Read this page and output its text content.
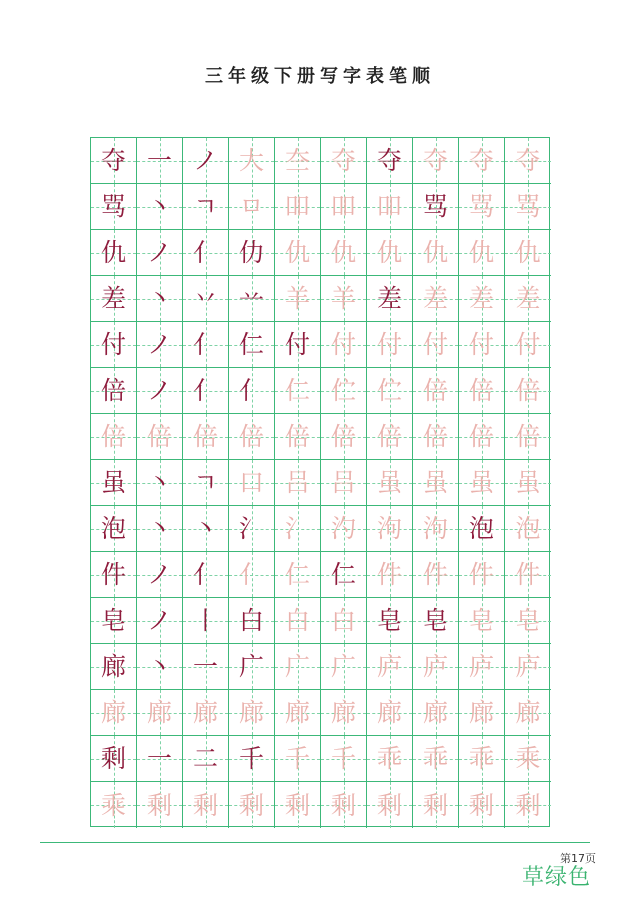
三年级下册写字表笔顺
夺 一 ノ 大 夳 夺 夺 夺 夺 夺
骂 丶 ㄱ ㅁ 吅 吅 吅 骂 骂 骂
仇 ノ 亻 仂 仇 仇 仇 仇 仇 仇
差 丶 丷 䒑 羊 羊 差 差 差 差
付 ノ 亻 仁 付 付 付 付 付 付
倍 ノ 亻 亻 仁 伫 伫 倍 倍 倍
倍 倍 倍 倍 倍 倍 倍 倍 倍 倍
虽 丶 ㄱ 口 吕 吕 虽 虽 虽 虽
泡 丶 丶 氵 氵 汋 泃 泃 泡 泡
件 ノ 亻 亻 仁 仁 件 件 件 件
皂 ノ 丨 白 白 白 皂 皂 皂 皂
廊 丶 一 广 广 广 庐 庐 庐 庐
廊 廊 廊 廊 廊 廊 廊 廊 廊 廊
剩 一 二 千 千 千 乖 乖 乖 乘
乘 剩 剩 剩 剩 剩 剩 剩 剩 剩
第17页
草绿色
